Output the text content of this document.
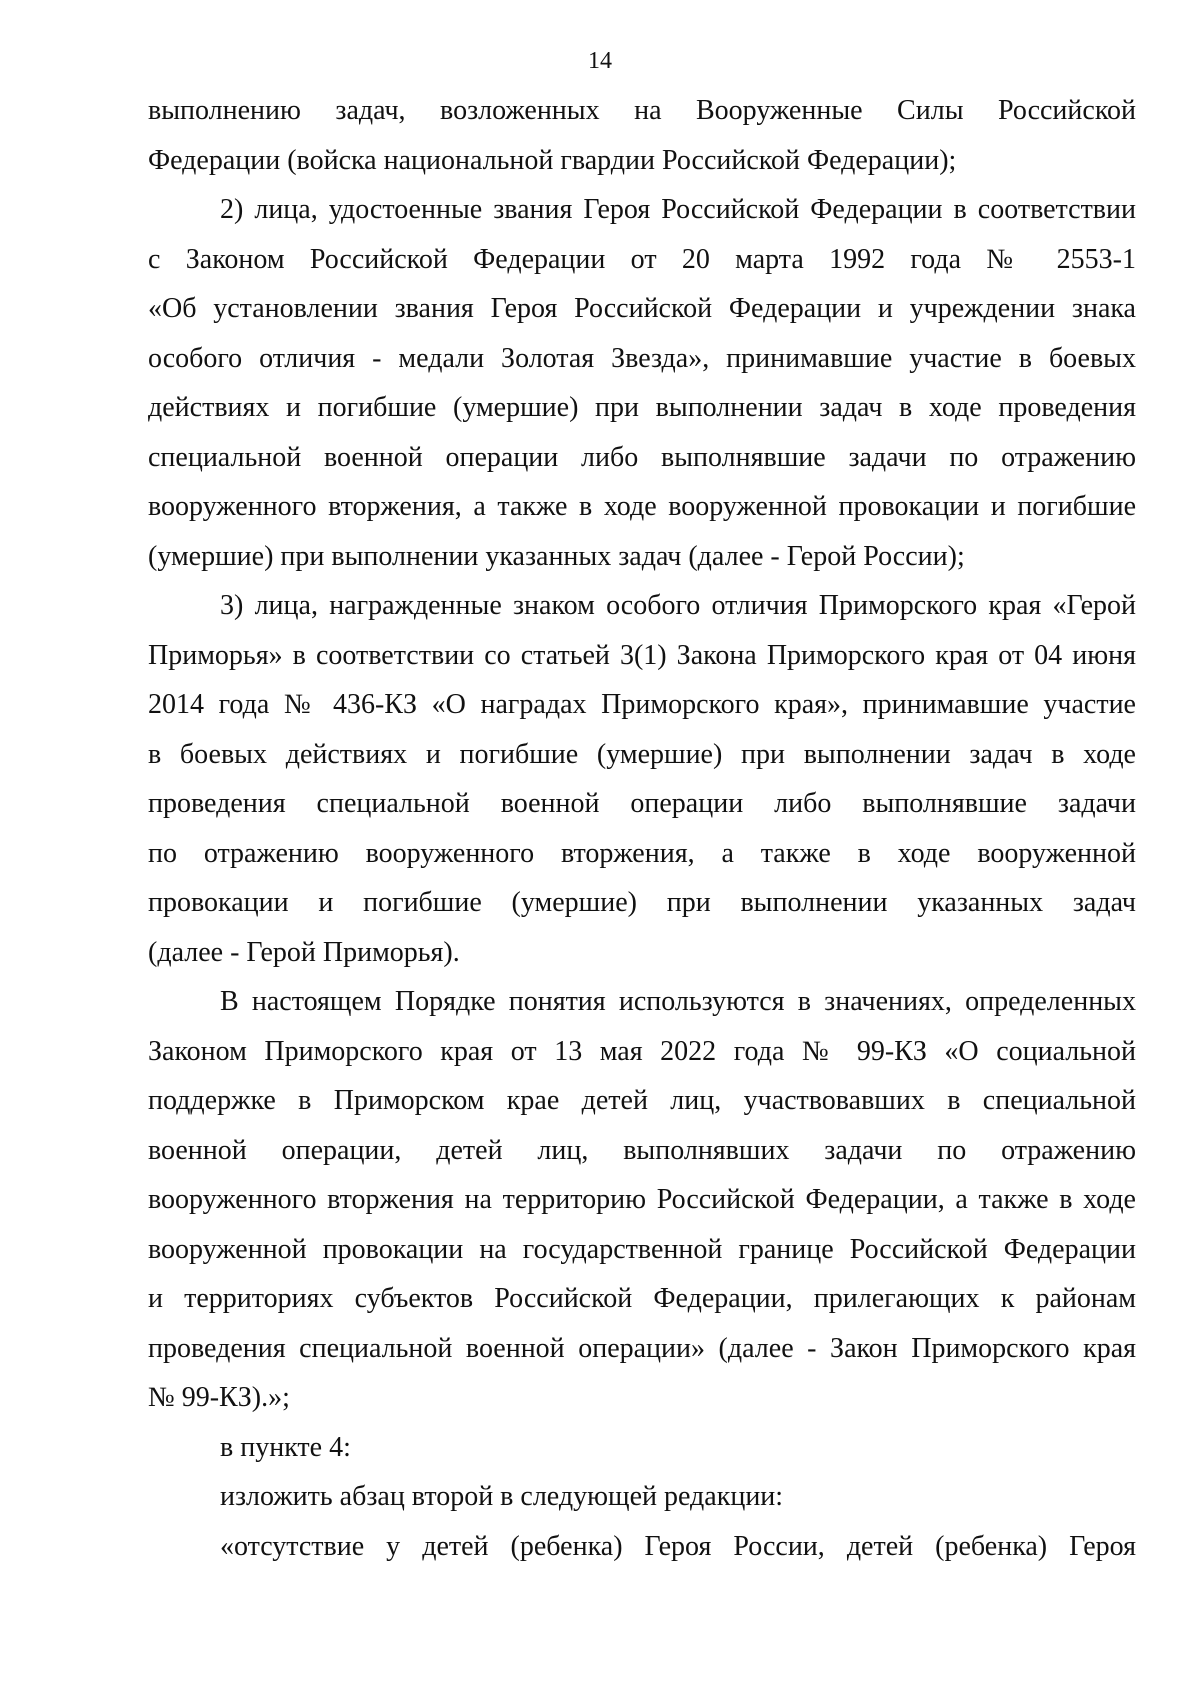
14

выполнению задач, возложенных на Вооруженные Силы Российской
Федерации (войска национальной гвардии Российской Федерации);

2) лица, удостоенные звания Героя Российской Федерации в соответствии
с Законом Российской Федерации от 20 марта 1992 года № 2553-1
«Об установлении звания Героя Российской Федерации и учреждении знака
особого отличия - медали Золотая Звезда», принимавшие участие в боевых
действиях и погибшие (умершие) при выполнении задач в ходе проведения
специальной военной операции либо выполнявшие задачи по отражению
вооруженного вторжения, а также в ходе вооруженной провокации и погибшие
(умершие) при выполнении указанных задач (далее - Герой России);

3) лица, награжденные знаком особого отличия Приморского края «Герой
Приморья» в соответствии со статьей 3(1) Закона Приморского края от 04 июня
2014 года № 436-КЗ «О наградах Приморского края», принимавшие участие
в боевых действиях и погибшие (умершие) при выполнении задач в ходе
проведения специальной военной операции либо выполнявшие задачи
по отражению вооруженного вторжения, а также в ходе вооруженной
провокации и погибшие (умершие) при выполнении указанных задач
(далее - Герой Приморья).

В настоящем Порядке понятия используются в значениях, определенных
Законом Приморского края от 13 мая 2022 года № 99-КЗ «О социальной
поддержке в Приморском крае детей лиц, участвовавших в специальной
военной операции, детей лиц, выполнявших задачи по отражению
вооруженного вторжения на территорию Российской Федерации, а также в ходе
вооруженной провокации на государственной границе Российской Федерации
и территориях субъектов Российской Федерации, прилегающих к районам
проведения специальной военной операции» (далее - Закон Приморского края
№ 99-КЗ).»;

в пункте 4:

изложить абзац второй в следующей редакции:

«отсутствие у детей (ребенка) Героя России, детей (ребенка) Героя
